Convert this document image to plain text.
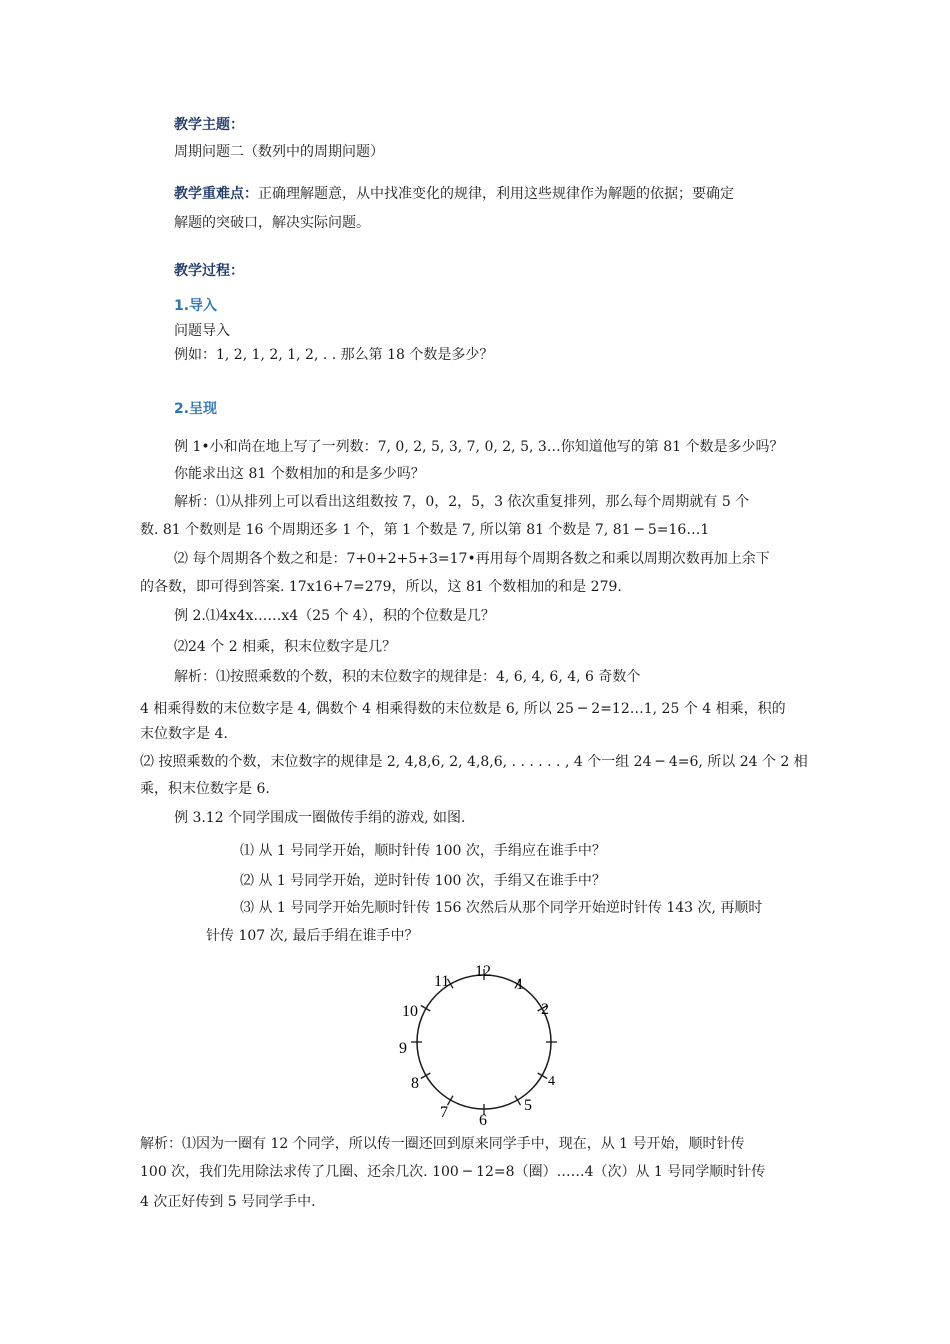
教学主题：
周期问题二（数列中的周期问题）
教学重难点：正确理解题意，从中找准变化的规律，利用这些规律作为解题的依据；要确定
解题的突破口，解决实际问题。
教学过程：
1.导入
问题导入
例如：1, 2, 1, 2, 1, 2, . . 那么第 18 个数是多少？
2.呈现
例 1•小和尚在地上写了一列数：7, 0, 2, 5, 3, 7, 0, 2, 5, 3…你知道他写的第 81 个数是多少吗？
你能求出这 81 个数相加的和是多少吗？
解析：⑴从排列上可以看出这组数按 7，0，2，5，3 依次重复排列，那么每个周期就有 5 个
数. 81 个数则是 16 个周期还多 1 个，第 1 个数是 7, 所以第 81 个数是 7, 81 ─ 5=16…1
⑵ 每个周期各个数之和是：7+0+2+5+3=17•再用每个周期各数之和乘以周期次数再加上余下
的各数，即可得到答案. 17x16+7=279，所以，这 81 个数相加的和是 279.
例 2.⑴4x4x……x4（25 个 4），积的个位数是几？
⑵24 个 2 相乘，积末位数字是几？
解析：⑴按照乘数的个数，积的末位数字的规律是：4, 6, 4, 6, 4, 6 奇数个
4 相乘得数的末位数字是 4, 偶数个 4 相乘得数的末位数是 6, 所以 25 ─ 2=12…1, 25 个 4 相乘，积的
末位数字是 4.
⑵ 按照乘数的个数，末位数字的规律是 2, 4,8,6, 2, 4,8,6, . . . . . . , 4 个一组 24 ─ 4=6, 所以 24 个 2 相
乘，积末位数字是 6.
例 3.12 个同学围成一圈做传手绢的游戏, 如图.
⑴ 从 1 号同学开始，顺时针传 100 次，手绢应在谁手中？
⑵ 从 1 号同学开始，逆时针传 100 次，手绢又在谁手中？
⑶ 从 1 号同学开始先顺时针传 156 次然后从那个同学开始逆时针传 143 次, 再顺时
针传 107 次, 最后手绢在谁手中？
12
1
2
4
5
6
7
8
9
10
11
解析：⑴因为一圈有 12 个同学，所以传一圈还回到原来同学手中，现在，从 1 号开始，顺时针传
100 次，我们先用除法求传了几圈、还余几次. 100 ─ 12=8（圈）……4（次）从 1 号同学顺时针传
4 次正好传到 5 号同学手中.
